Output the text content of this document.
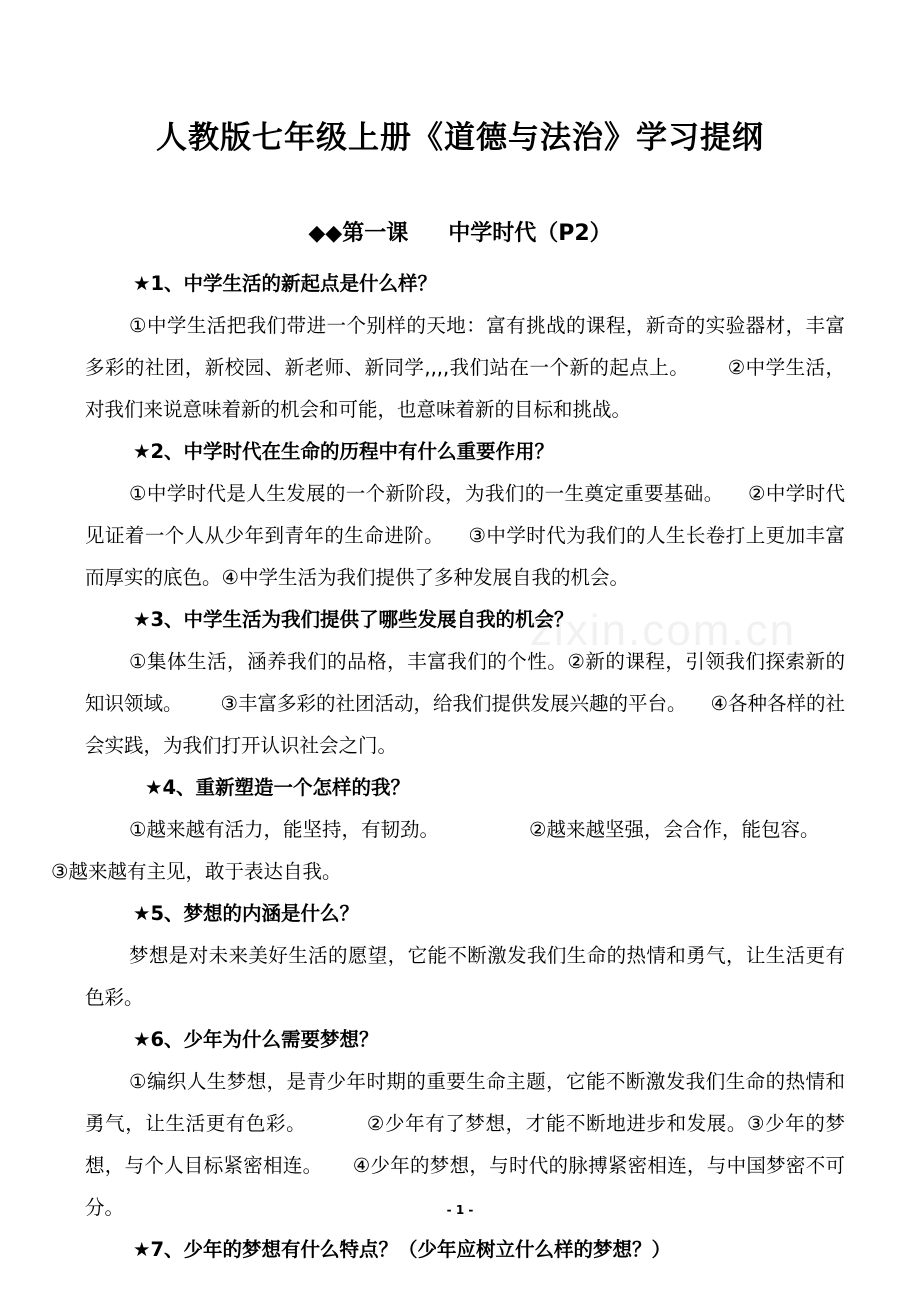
zixin.com.cn
人教版七年级上册《道德与法治》学习提纲
◆◆第一课 中学时代（P2）

★1、中学生活的新起点是什么样？

①中学生活把我们带进一个别样的天地：富有挑战的课程，新奇的实验器材，丰富多彩的社团，新校园、新老师、新同学,,,,我们站在一个新的起点上。 ②中学生活，对我们来说意味着新的机会和可能，也意味着新的目标和挑战。

★2、中学时代在生命的历程中有什么重要作用？

①中学时代是人生发展的一个新阶段，为我们的一生奠定重要基础。 ②中学时代见证着一个人从少年到青年的生命进阶。 ③中学时代为我们的人生长卷打上更加丰富而厚实的底色。④中学生活为我们提供了多种发展自我的机会。

★3、中学生活为我们提供了哪些发展自我的机会？

①集体生活，涵养我们的品格，丰富我们的个性。②新的课程，引领我们探索新的知识领域。 ③丰富多彩的社团活动，给我们提供发展兴趣的平台。 ④各种各样的社会实践，为我们打开认识社会之门。

★4、重新塑造一个怎样的我？

①越来越有活力，能坚持，有韧劲。	②越来越坚强，会合作，能包容。
③越来越有主见，敢于表达自我。

★5、梦想的内涵是什么？

梦想是对未来美好生活的愿望，它能不断激发我们生命的热情和勇气，让生活更有色彩。

★6、少年为什么需要梦想？

①编织人生梦想，是青少年时期的重要生命主题，它能不断激发我们生命的热情和勇气，让生活更有色彩。	②少年有了梦想，才能不断地进步和发展。③少年的梦想，与个人目标紧密相连。 ④少年的梦想，与时代的脉搏紧密相连，与中国梦密不可分。

★7、少年的梦想有什么特点？（少年应树立什么样的梦想？）

- 1 -
